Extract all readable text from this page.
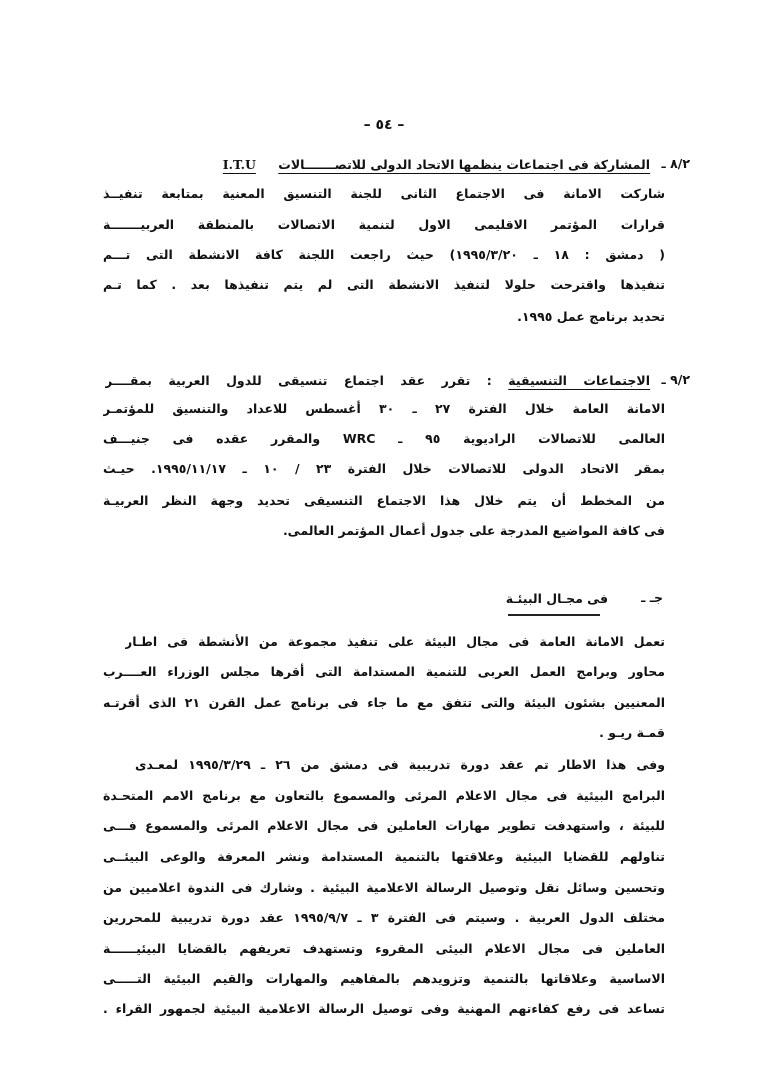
– ٥٤ –
٨/٢ ـ
المشاركة فى اجتماعات ينظمها الاتحاد الدولى للاتصـــــــالات I.T.U
شاركت الامانة فى الاجتماع الثانى للجنة التنسيق المعنية بمتابعة تنفيــذ
قرارات المؤتمر الاقليمى الاول لتنمية الاتصالات بالمنطقة العربيـــــــة
( دمشق : ١٨ ـ ١٩٩٥/٣/٢٠) حيث راجعت اللجنة كافة الانشطة التى تـــم
تنفيذها واقترحت حلولا لتنفيذ الانشطة التى لم يتم تنفيذها بعد . كما تـم
تحديد برنامج عمل ١٩٩٥.
٩/٢ ـ
الاجتماعات التنسيقية : تقرر عقد اجتماع تنسيقى للدول العربية بمقــــر
الامانة العامة خلال الفترة ٢٧ ـ ٣٠ أغسطس للاعداد والتنسيق للمؤتمـر
العالمى للاتصالات الراديوية ٩٥ ـ WRC والمقرر عقده فى جنيـــف
بمقر الاتحاد الدولى للاتصالات خلال الفترة ٢٣ / ١٠ ـ ١٩٩٥/١١/١٧. حيـث
من المخطط أن يتم خلال هذا الاجتماع التنسيقى تحديد وجهة النظر العربيـة
فى كافة المواضيع المدرجة على جدول أعمال المؤتمر العالمى.
جـ ـ
فى مجـال البيئـة
تعمل الامانة العامة فى مجال البيئة على تنفيذ مجموعة من الأنشطة فى اطـار
محاور وبرامج العمل العربى للتنمية المستدامة التى أقرها مجلس الوزراء العــــرب
المعنيين بشئون البيئة والتى تتفق مع ما جاء فى برنامج عمل القرن ٢١ الذى أقرتـه
قمـة ريـو .
وفى هذا الاطار تم عقد دورة تدريبية فى دمشق من ٢٦ ـ ١٩٩٥/٣/٢٩ لمعـدى
البرامج البيئية فى مجال الاعلام المرئى والمسموع بالتعاون مع برنامج الامم المتحـدة
للبيئة ، واستهدفت تطوير مهارات العاملين فى مجال الاعلام المرئى والمسموع فـــى
تناولهم للقضايا البيئية وعلاقتها بالتنمية المستدامة ونشر المعرفة والوعى البيئــى
وتحسين وسائل نقل وتوصيل الرسالة الاعلامية البيئية . وشارك فى الندوة اعلاميين من
مختلف الدول العربية . وسيتم فى الفترة ٣ ـ ١٩٩٥/٩/٧ عقد دورة تدريبية للمحررين
العاملين فى مجال الاعلام البيئى المقروء وتستهدف تعريفهم بالقضايا البيئيــــــة
الاساسية وعلاقاتها بالتنمية وتزويدهم بالمفاهيم والمهارات والقيم البيئية التـــــى
تساعد فى رفع كفاءتهم المهنية وفى توصيل الرسالة الاعلامية البيئية لجمهور القراء .
